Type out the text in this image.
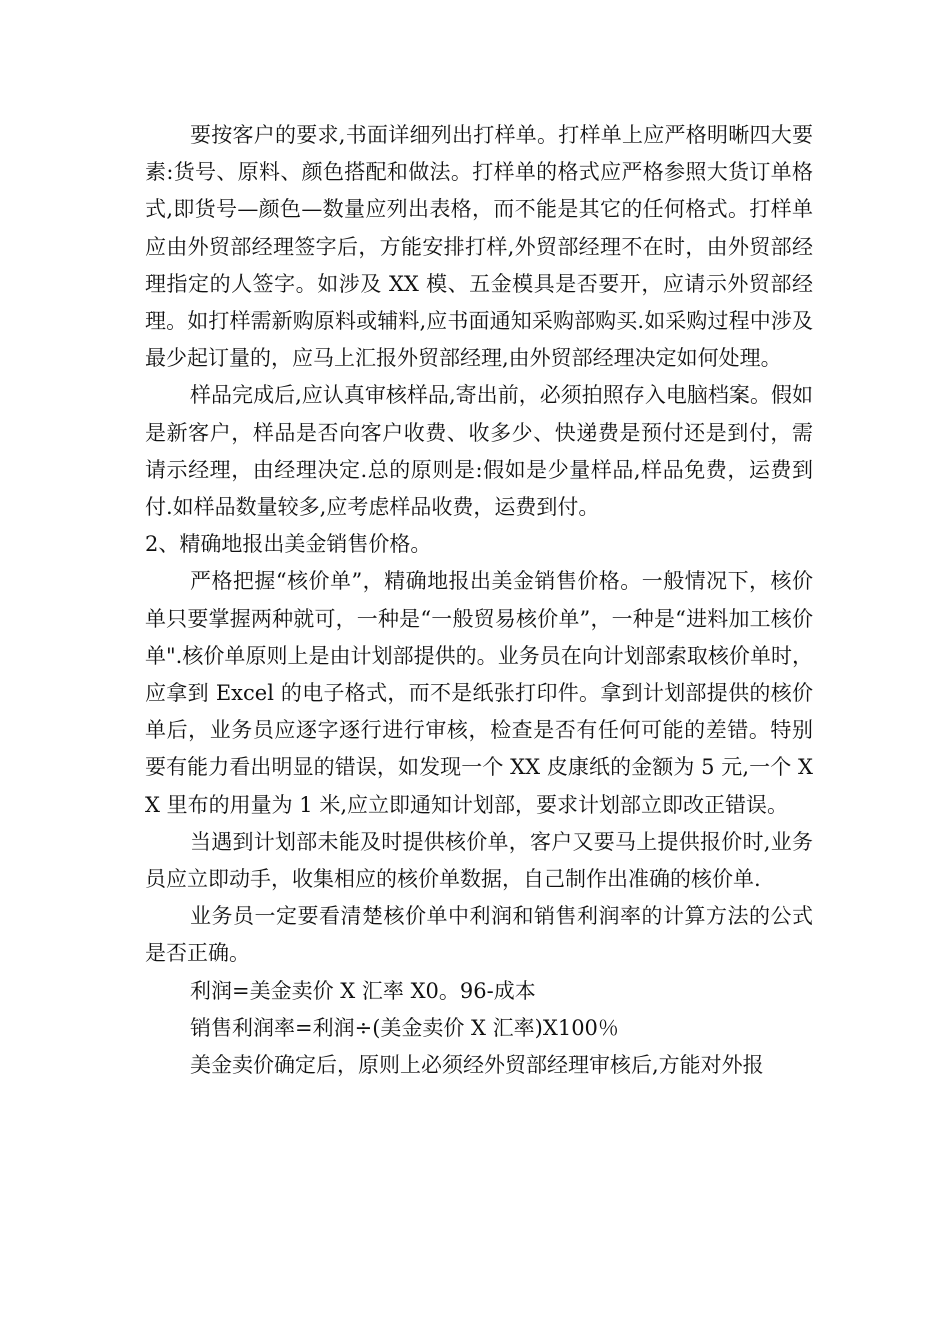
要按客户的要求,书面详细列出打样单。打样单上应严格明晰四大要素:货号、原料、颜色搭配和做法。打样单的格式应严格参照大货订单格式,即货号—颜色—数量应列出表格，而不能是其它的任何格式。打样单应由外贸部经理签字后，方能安排打样,外贸部经理不在时，由外贸部经理指定的人签字。如涉及 XX 模、五金模具是否要开，应请示外贸部经理。如打样需新购原料或辅料,应书面通知采购部购买.如采购过程中涉及最少起订量的，应马上汇报外贸部经理,由外贸部经理决定如何处理。

样品完成后,应认真审核样品,寄出前，必须拍照存入电脑档案。假如是新客户，样品是否向客户收费、收多少、快递费是预付还是到付，需请示经理，由经理决定.总的原则是:假如是少量样品,样品免费，运费到付.如样品数量较多,应考虑样品收费，运费到付。

2、精确地报出美金销售价格。

严格把握“核价单”，精确地报出美金销售价格。一般情况下，核价单只要掌握两种就可，一种是“一般贸易核价单”，一种是“进料加工核价单".核价单原则上是由计划部提供的。业务员在向计划部索取核价单时，应拿到 Excel 的电子格式，而不是纸张打印件。拿到计划部提供的核价单后，业务员应逐字逐行进行审核，检查是否有任何可能的差错。特别要有能力看出明显的错误，如发现一个 XX 皮康纸的金额为 5 元,一个 XX 里布的用量为 1 米,应立即通知计划部，要求计划部立即改正错误。

当遇到计划部未能及时提供核价单，客户又要马上提供报价时,业务员应立即动手，收集相应的核价单数据，自己制作出准确的核价单.

业务员一定要看清楚核价单中利润和销售利润率的计算方法的公式是否正确。

利润=美金卖价 X 汇率 X0。96-成本

销售利润率=利润÷(美金卖价 X 汇率)X100％

美金卖价确定后，原则上必须经外贸部经理审核后,方能对外报
